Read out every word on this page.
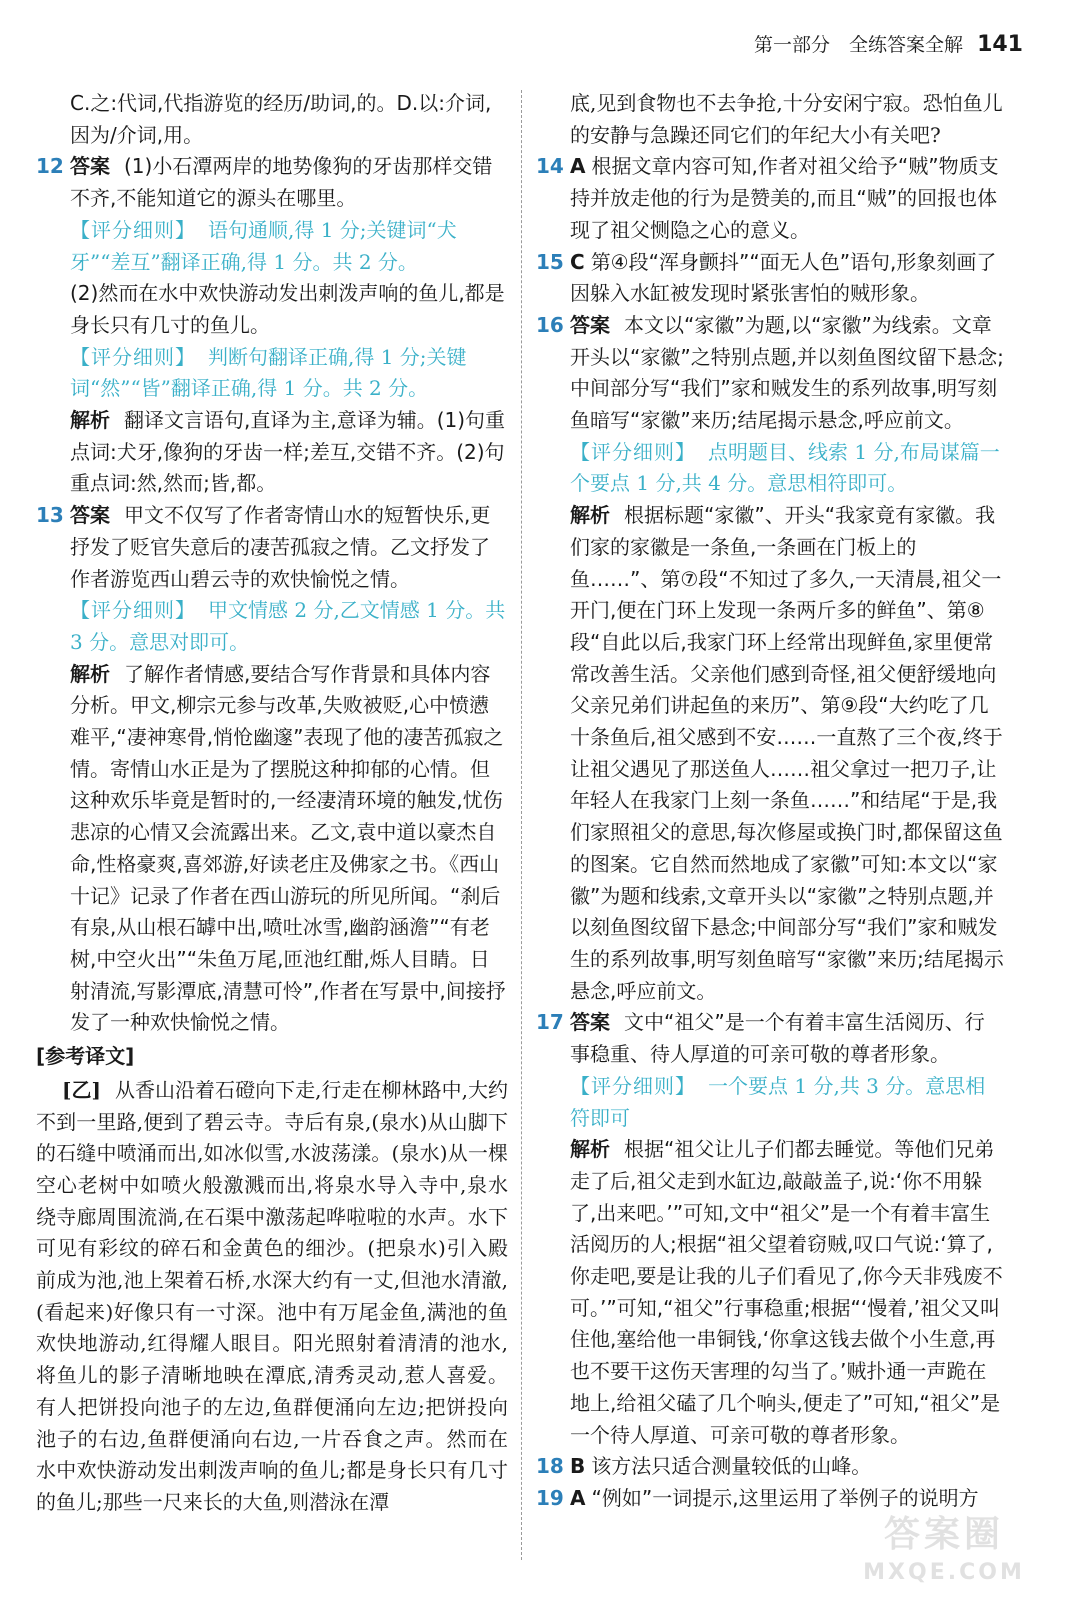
第一部分　全练答案全解 141
C.之:代词,代指游览的经历/助词,的。D.以:介词,因为/介词,用。
12 答案 (1)小石潭两岸的地势像狗的牙齿那样交错不齐,不能知道它的源头在哪里。
【评分细则】 语句通顺,得 1 分;关键词“犬牙”“差互”翻译正确,得 1 分。共 2 分。
(2)然而在水中欢快游动发出刺泼声响的鱼儿,都是身长只有几寸的鱼儿。
【评分细则】 判断句翻译正确,得 1 分;关键词“然”“皆”翻译正确,得 1 分。共 2 分。
解析 翻译文言语句,直译为主,意译为辅。(1)句重点词:犬牙,像狗的牙齿一样;差互,交错不齐。(2)句重点词:然,然而;皆,都。
13 答案 甲文不仅写了作者寄情山水的短暂快乐,更抒发了贬官失意后的凄苦孤寂之情。乙文抒发了作者游览西山碧云寺的欢快愉悦之情。
【评分细则】 甲文情感 2 分,乙文情感 1 分。共 3 分。意思对即可。
解析 了解作者情感,要结合写作背景和具体内容分析。甲文,柳宗元参与改革,失败被贬,心中愤懑难平,“凄神寒骨,悄怆幽邃”表现了他的凄苦孤寂之情。寄情山水正是为了摆脱这种抑郁的心情。但这种欢乐毕竟是暂时的,一经凄清环境的触发,忧伤悲凉的心情又会流露出来。乙文,袁中道以豪杰自命,性格豪爽,喜郊游,好读老庄及佛家之书。《西山十记》记录了作者在西山游玩的所见所闻。“刹后有泉,从山根石罅中出,喷吐冰雪,幽韵涵澹”“有老树,中空火出”“朱鱼万尾,匝池红酣,烁人目睛。日射清流,写影潭底,清慧可怜”,作者在写景中,间接抒发了一种欢快愉悦之情。
[参考译文]
[乙] 从香山沿着石磴向下走,行走在柳林路中,大约不到一里路,便到了碧云寺。寺后有泉,(泉水)从山脚下的石缝中喷涌而出,如冰似雪,水波荡漾。(泉水)从一棵空心老树中如喷火般激溅而出,将泉水导入寺中,泉水绕寺廊周围流淌,在石渠中激荡起哗啦啦的水声。水下可见有彩纹的碎石和金黄色的细沙。(把泉水)引入殿前成为池,池上架着石桥,水深大约有一丈,但池水清澈,(看起来)好像只有一寸深。池中有万尾金鱼,满池的鱼欢快地游动,红得耀人眼目。阳光照射着清清的池水,将鱼儿的影子清晰地映在潭底,清秀灵动,惹人喜爱。有人把饼投向池子的左边,鱼群便涌向左边;把饼投向池子的右边,鱼群便涌向右边,一片吞食之声。然而在水中欢快游动发出刺泼声响的鱼儿;都是身长只有几寸的鱼儿;那些一尺来长的大鱼,则潜泳在潭
底,见到食物也不去争抢,十分安闲宁寂。恐怕鱼儿的安静与急躁还同它们的年纪大小有关吧?
14 A 根据文章内容可知,作者对祖父给予“贼”物质支持并放走他的行为是赞美的,而且“贼”的回报也体现了祖父恻隐之心的意义。
15 C 第④段“浑身颤抖”“面无人色”语句,形象刻画了因躲入水缸被发现时紧张害怕的贼形象。
16 答案 本文以“家徽”为题,以“家徽”为线索。文章开头以“家徽”之特别点题,并以刻鱼图纹留下悬念;中间部分写“我们”家和贼发生的系列故事,明写刻鱼暗写“家徽”来历;结尾揭示悬念,呼应前文。
【评分细则】 点明题目、线索 1 分,布局谋篇一个要点 1 分,共 4 分。意思相符即可。
解析 根据标题“家徽”、开头“我家竟有家徽。我们家的家徽是一条鱼,一条画在门板上的鱼……”、第⑦段“不知过了多久,一天清晨,祖父一开门,便在门环上发现一条两斤多的鲜鱼”、第⑧段“自此以后,我家门环上经常出现鲜鱼,家里便常常改善生活。父亲他们感到奇怪,祖父便舒缓地向父亲兄弟们讲起鱼的来历”、第⑨段“大约吃了几十条鱼后,祖父感到不安……一直熬了三个夜,终于让祖父遇见了那送鱼人……祖父拿过一把刀子,让年轻人在我家门上刻一条鱼……”和结尾“于是,我们家照祖父的意思,每次修屋或换门时,都保留这鱼的图案。它自然而然地成了家徽”可知:本文以“家徽”为题和线索,文章开头以“家徽”之特别点题,并以刻鱼图纹留下悬念;中间部分写“我们”家和贼发生的系列故事,明写刻鱼暗写“家徽”来历;结尾揭示悬念,呼应前文。
17 答案 文中“祖父”是一个有着丰富生活阅历、行事稳重、待人厚道的可亲可敬的尊者形象。
【评分细则】 一个要点 1 分,共 3 分。意思相符即可
解析 根据“祖父让儿子们都去睡觉。等他们兄弟走了后,祖父走到水缸边,敲敲盖子,说:‘你不用躲了,出来吧。’”可知,文中“祖父”是一个有着丰富生活阅历的人;根据“祖父望着窃贼,叹口气说:‘算了,你走吧,要是让我的儿子们看见了,你今天非残废不可。’”可知,“祖父”行事稳重;根据“‘慢着,’祖父又叫住他,塞给他一串铜钱,‘你拿这钱去做个小生意,再也不要干这伤天害理的勾当了。’贼扑通一声跪在地上,给祖父磕了几个响头,便走了”可知,“祖父”是一个待人厚道、可亲可敬的尊者形象。
18 B 该方法只适合测量较低的山峰。
19 A “例如”一词提示,这里运用了举例子的说明方
答案圈
MXQE.COM
